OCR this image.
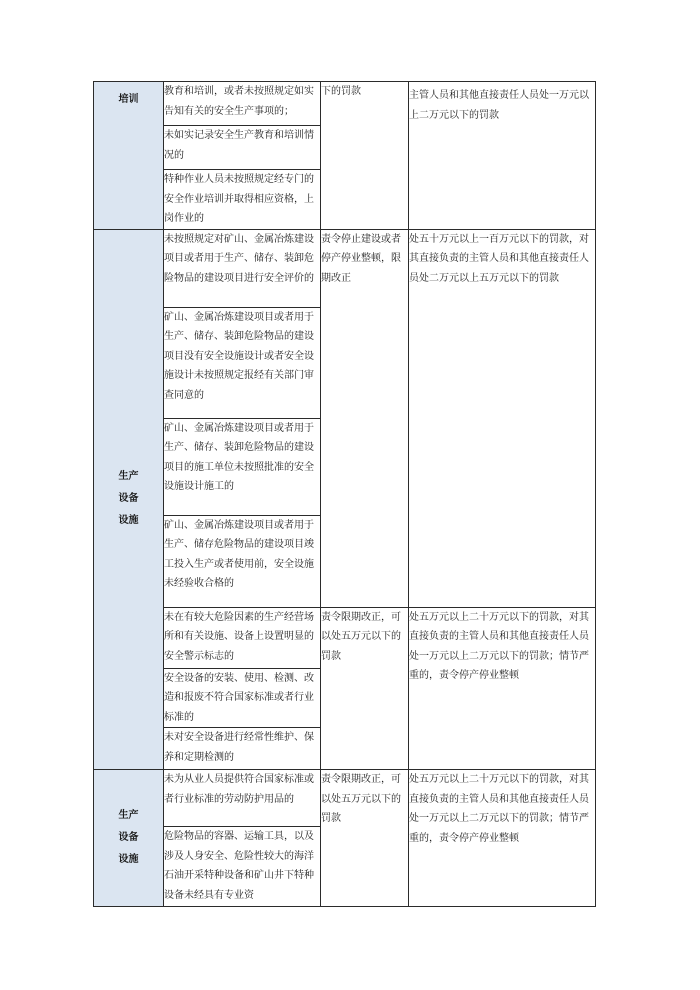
培训	教育和培训，或者未按照规定如实告知有关的安全生产事项的；	下的罚款	主管人员和其他直接责任人员处一万元以上二万元以下的罚款
	未如实记录安全生产教育和培训情况的		
	特种作业人员未按照规定经专门的安全作业培训并取得相应资格，上岗作业的		

生产
设备
设施	未按照规定对矿山、金属冶炼建设项目或者用于生产、储存、装卸危险物品的建设项目进行安全评价的	责令停止建设或者停产停业整顿，限期改正	处五十万元以上一百万元以下的罚款，对其直接负责的主管人员和其他直接责任人员处二万元以上五万元以下的罚款
	矿山、金属冶炼建设项目或者用于生产、储存、装卸危险物品的建设项目没有安全设施设计或者安全设施设计未按照规定报经有关部门审查同意的		
	矿山、金属冶炼建设项目或者用于生产、储存、装卸危险物品的建设项目的施工单位未按照批准的安全设施设计施工的		
	矿山、金属冶炼建设项目或者用于生产、储存危险物品的建设项目竣工投入生产或者使用前，安全设施未经验收合格的		
	未在有较大危险因素的生产经营场所和有关设施、设备上设置明显的安全警示标志的	责令限期改正，可以处五万元以下的罚款	处五万元以上二十万元以下的罚款，对其直接负责的主管人员和其他直接责任人员处一万元以上二万元以下的罚款；情节严重的，责令停产停业整顿
	安全设备的安装、使用、检测、改造和报废不符合国家标准或者行业标准的		
	未对安全设备进行经常性维护、保养和定期检测的		

生产
设备
设施	未为从业人员提供符合国家标准或者行业标准的劳动防护用品的	责令限期改正，可以处五万元以下的罚款	处五万元以上二十万元以下的罚款，对其直接负责的主管人员和其他直接责任人员处一万元以上二万元以下的罚款；情节严重的，责令停产停业整顿
	危险物品的容器、运输工具，以及涉及人身安全、危险性较大的海洋石油开采特种设备和矿山井下特种设备未经具有专业资		
